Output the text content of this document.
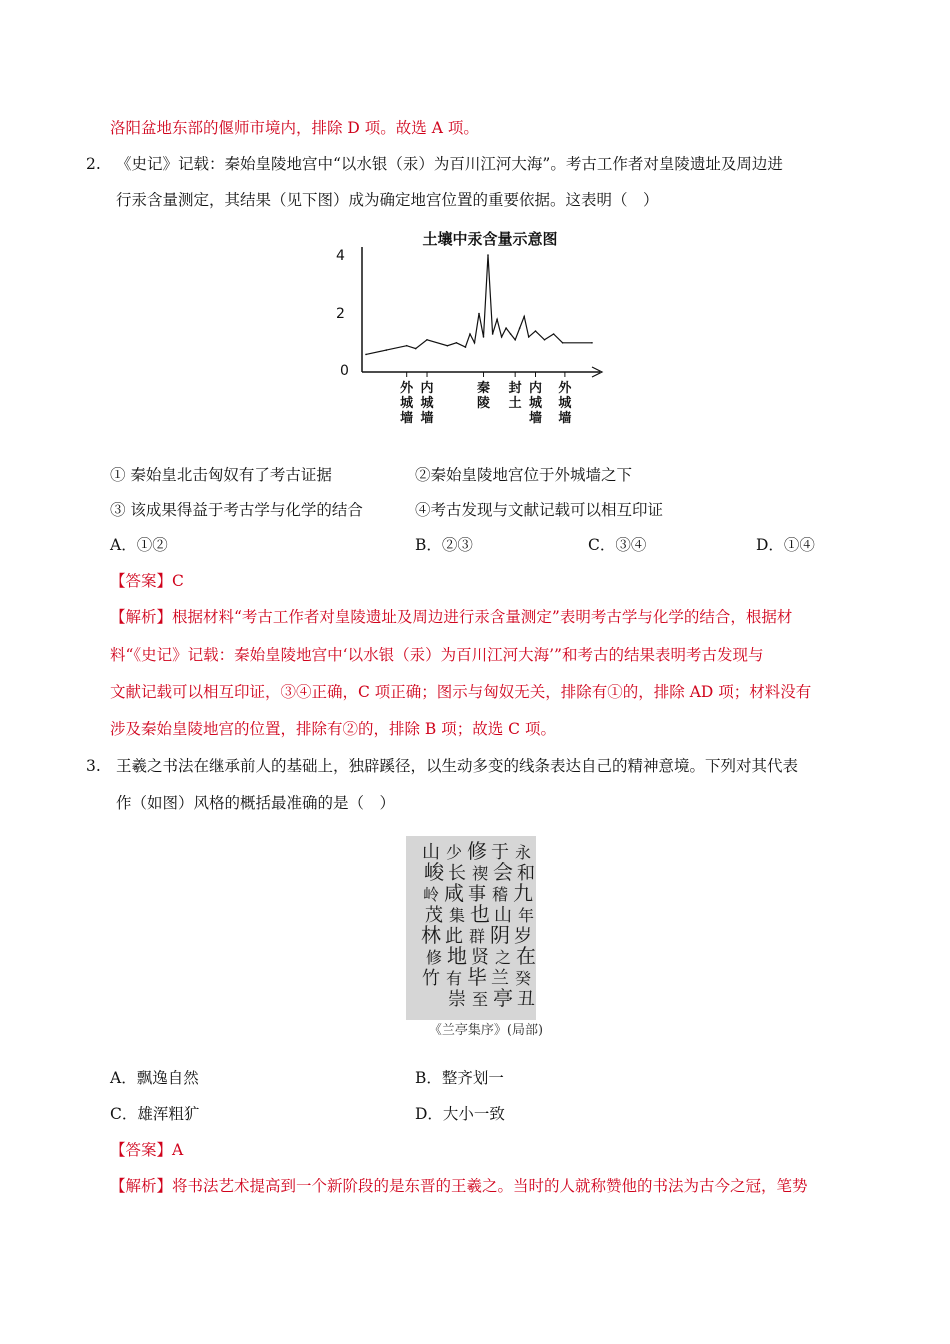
洛阳盆地东部的偃师市境内，排除 D 项。故选 A 项。
2. 《史记》记载：秦始皇陵地宫中“以水银（汞）为百川江河大海”。考古工作者对皇陵遗址及周边进
行汞含量测定，其结果（见下图）成为确定地宫位置的重要依据。这表明（　）
土壤中汞含量示意图
0
2
4
外城墙
内城墙
秦陵
封土
内城墙
外城墙
① 秦始皇北击匈奴有了考古证据	②秦始皇陵地宫位于外城墙之下
③ 该成果得益于考古学与化学的结合	④考古发现与文献记载可以相互印证
A．①②	B．②③	C．③④	D．①④
【答案】C
【解析】根据材料“考古工作者对皇陵遗址及周边进行汞含量测定”表明考古学与化学的结合，根据材
料“《史记》记载：秦始皇陵地宫中‘以水银（汞）为百川江河大海’”和考古的结果表明考古发现与
文献记载可以相互印证，③④正确，C 项正确；图示与匈奴无关，排除有①的，排除 AD 项；材料没有
涉及秦始皇陵地宫的位置，排除有②的，排除 B 项；故选 C 项。
3. 王羲之书法在继承前人的基础上，独辟蹊径，以生动多变的线条表达自己的精神意境。下列对其代表
作（如图）风格的概括最准确的是（　）
永
和
九
年
岁
在
癸
丑
于
会
稽
山
阴
之
兰
亭
修
禊
事
也
群
贤
毕
至
少
长
咸
集
此
地
有
崇
山
峻
岭
茂
林
修
竹
《兰亭集序》(局部)
A．飘逸自然	B．整齐划一
C．雄浑粗犷	D．大小一致
【答案】A
【解析】将书法艺术提高到一个新阶段的是东晋的王羲之。当时的人就称赞他的书法为古今之冠，笔势
